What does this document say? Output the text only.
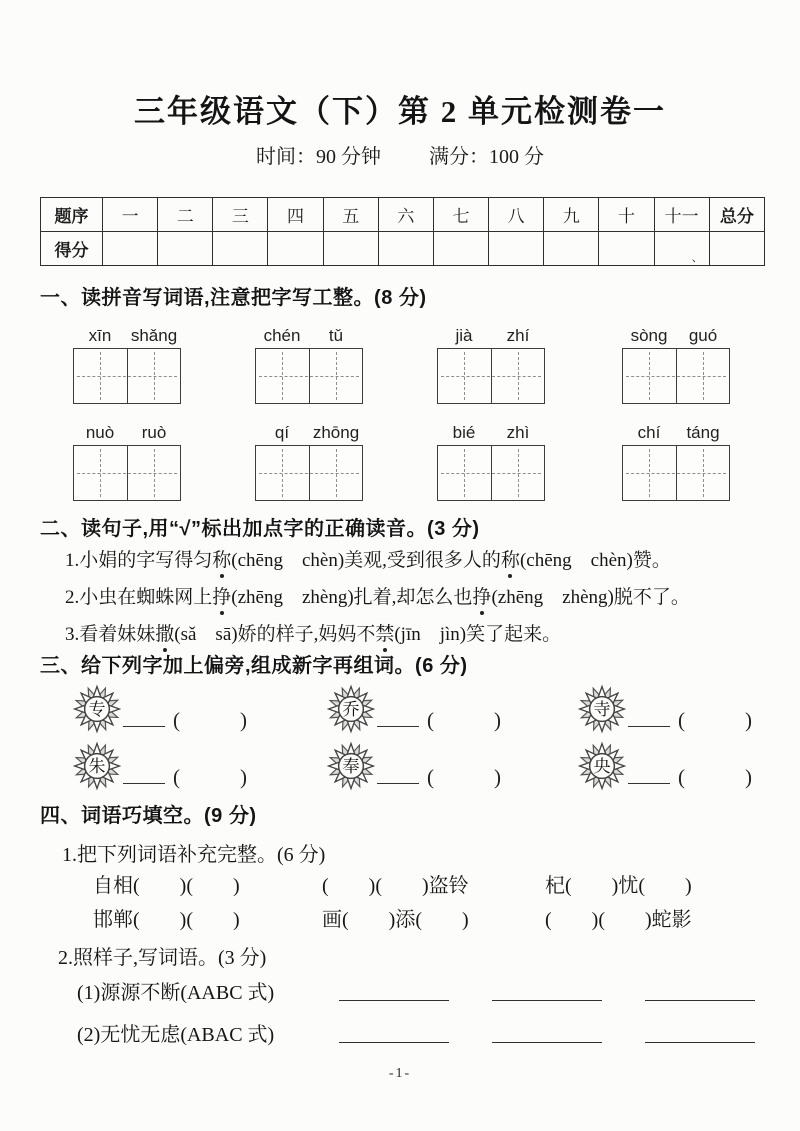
三年级语文（下）第 2 单元检测卷一
时间：90 分钟 满分：100 分
题序	一	二	三	四	五	六	七	八	九	十	十一	总分
得分											、	

一、读拼音写词语,注意把字写工整。(8 分)
xīn	shǎng	chén	tǔ	jià	zhí	sòng	guó
nuò	ruò	qí	zhōng	bié	zhì	chí	táng
二、读句子,用“√”标出加点字的正确读音。(3 分)
1.小娟的字写得匀称(chēng　chèn)美观,受到很多人的称(chēng　chèn)赞。
2.小虫在蜘蛛网上挣(zhēng　zhèng)扎着,却怎么也挣(zhēng　zhèng)脱不了。
3.看着妹妹撒(sǎ　sā)娇的样子,妈妈不禁(jīn　jìn)笑了起来。
三、给下列字加上偏旁,组成新字再组词。(6 分)
专	(	)	乔	(	)	寺	(	)
朱	(	)	奉	(	)	央	(	)
四、词语巧填空。(9 分)
1.把下列词语补充完整。(6 分)
自相(　　)(　　)	(　　)(　　)盗铃	杞(　　)忧(　　)
邯郸(　　)(　　)	画(　　)添(　　)	(　　)(　　)蛇影
2.照样子,写词语。(3 分)
(1)源源不断(AABC 式)
(2)无忧无虑(ABAC 式)
-1-
